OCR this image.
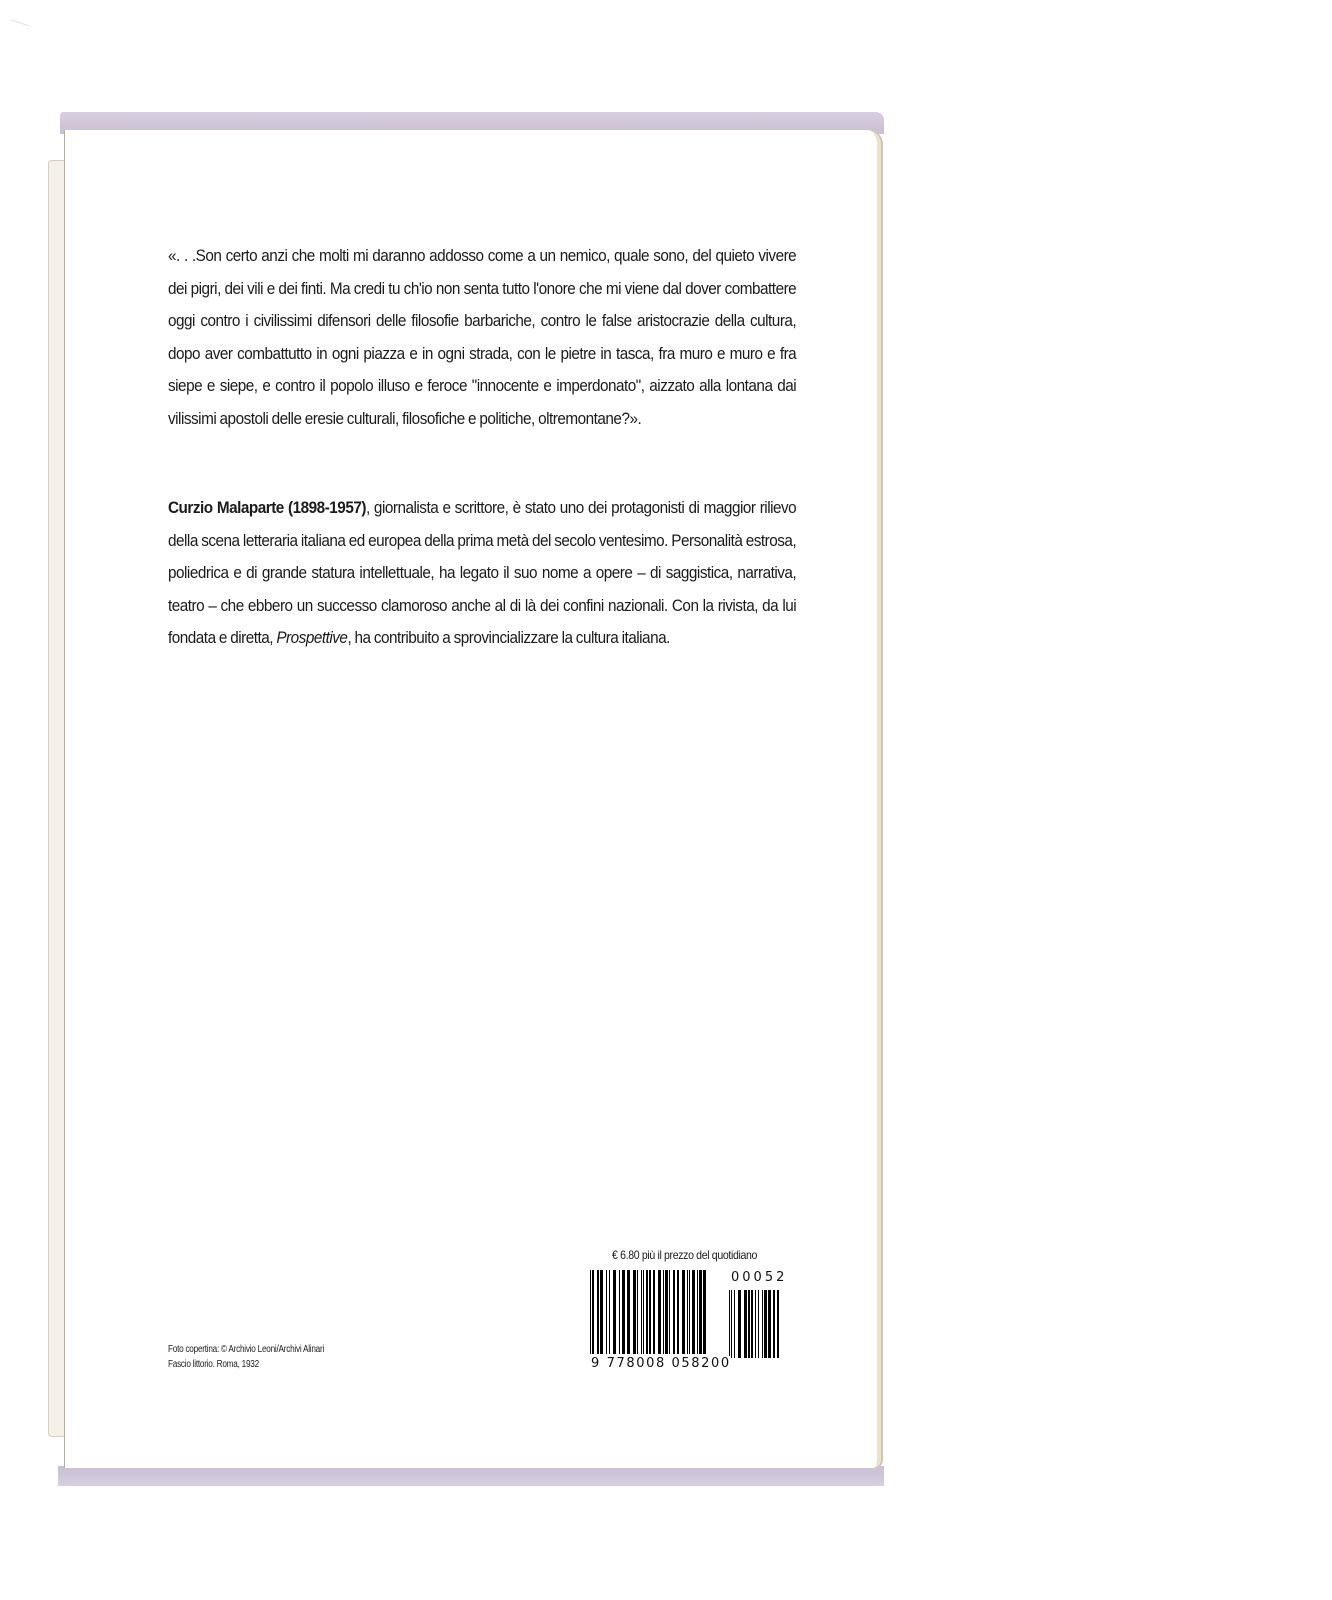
«. . .Son certo anzi che molti mi daranno addosso come a un nemico, quale sono, del quieto vivere dei pigri, dei vili e dei finti. Ma credi tu ch'io non senta tutto l'onore che mi viene dal dover combattere oggi contro i civilissimi difensori delle filosofie barbariche, contro le false aristocrazie della cultura, dopo aver combattutto in ogni piazza e in ogni strada, con le pietre in tasca, fra muro e muro e fra siepe e siepe, e contro il popolo illuso e feroce "innocente e imperdonato", aizzato alla lontana dai vilissimi apostoli delle eresie culturali, filosofiche e politiche, oltremontane?».
Curzio Malaparte (1898-1957), giornalista e scrittore, è stato uno dei protagonisti di maggior rilievo della scena letteraria italiana ed europea della prima metà del secolo ventesimo. Personalità estrosa, poliedrica e di grande statura intellettuale, ha legato il suo nome a opere – di saggistica, narrativa, teatro – che ebbero un successo clamoroso anche al di là dei confini nazionali. Con la rivista, da lui fondata e diretta, Prospettive, ha contribuito a sprovincializzare la cultura italiana.
€ 6.80 più il prezzo del quotidiano
00052
9 778008 058200
Foto copertina: © Archivio Leoni/Archivi Alinari
Fascio littorio. Roma, 1932
